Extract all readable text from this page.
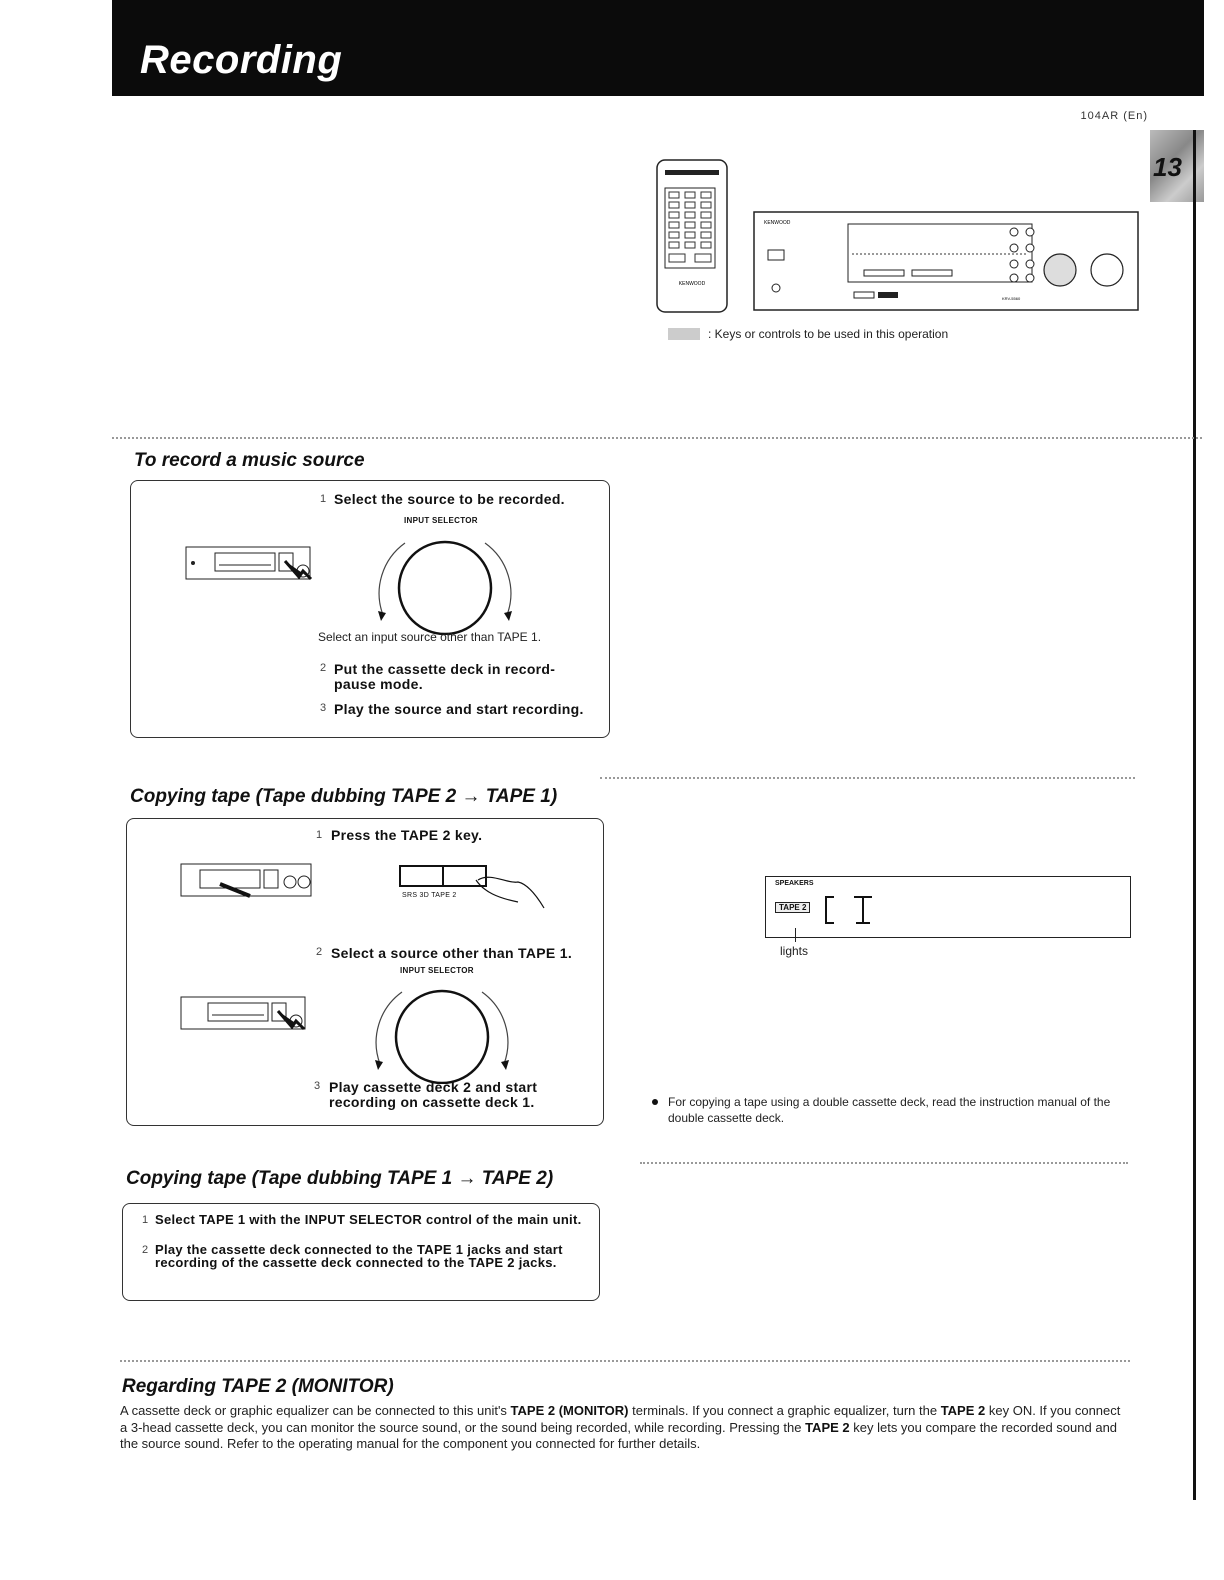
Recording
104AR (En)
13
KENWOOD
KENWOOD
KRV-5560
: Keys or controls to be used in this operation
To record a music source
1 Select the source to be recorded.
INPUT SELECTOR
Select an input source other than TAPE 1.
2 Put the cassette deck in record-pause mode.
3 Play the source and start recording.
Copying tape (Tape dubbing TAPE 2 → TAPE 1)
1 Press the TAPE 2 key.
SRS 3D TAPE 2
2 Select a source other than TAPE 1.
INPUT SELECTOR
3 Play cassette deck 2 and start recording on cassette deck 1.
SPEAKERS
TAPE 2
lights
For copying a tape using a double cassette deck, read the instruction manual of the double cassette deck.
Copying tape (Tape dubbing TAPE 1 → TAPE 2)
1 Select TAPE 1 with the INPUT SELECTOR control of the main unit.
2 Play the cassette deck connected to the TAPE 1 jacks and start recording of the cassette deck connected to the TAPE 2 jacks.
Regarding TAPE 2 (MONITOR)
A cassette deck or graphic equalizer can be connected to this unit's TAPE 2 (MONITOR) terminals. If you connect a graphic equalizer, turn the TAPE 2 key ON. If you connect a 3-head cassette deck, you can monitor the source sound, or the sound being recorded, while recording. Pressing the TAPE 2 key lets you compare the recorded sound and the source sound. Refer to the operating manual for the component you connected for further details.
